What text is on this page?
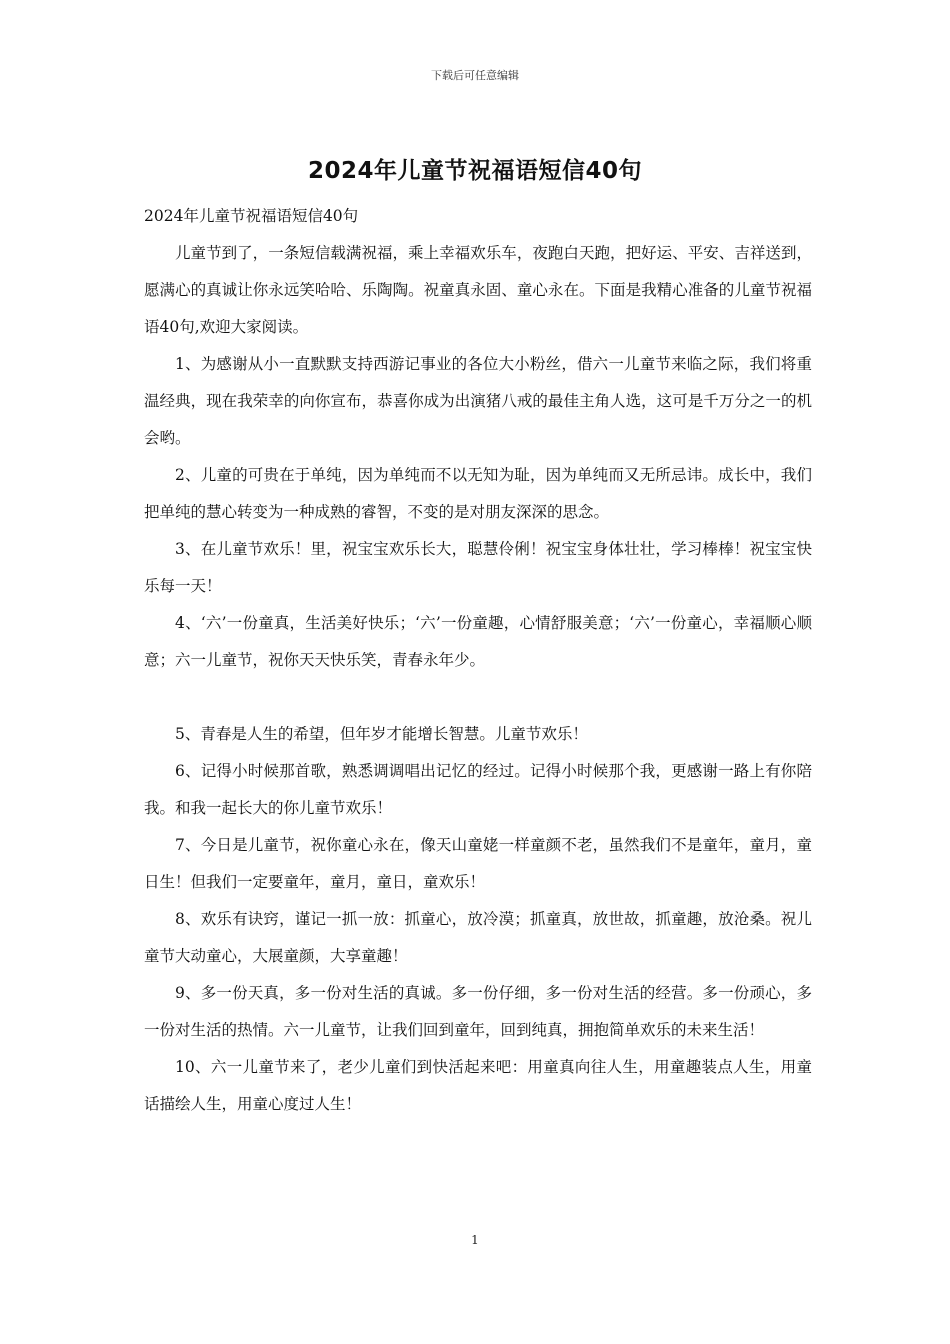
下载后可任意编辑
2024年儿童节祝福语短信40句

2024年儿童节祝福语短信40句

儿童节到了，一条短信载满祝福，乘上幸福欢乐车，夜跑白天跑，把好运、平安、吉祥送到，愿满心的真诚让你永远笑哈哈、乐陶陶。祝童真永固、童心永在。下面是我精心准备的儿童节祝福语40句,欢迎大家阅读。

1、为感谢从小一直默默支持西游记事业的各位大小粉丝，借六一儿童节来临之际，我们将重温经典，现在我荣幸的向你宣布，恭喜你成为出演猪八戒的最佳主角人选，这可是千万分之一的机会哟。

2、儿童的可贵在于单纯，因为单纯而不以无知为耻，因为单纯而又无所忌讳。成长中，我们把单纯的慧心转变为一种成熟的睿智，不变的是对朋友深深的思念。

3、在儿童节欢乐！里，祝宝宝欢乐长大，聪慧伶俐！祝宝宝身体壮壮，学习棒棒！祝宝宝快乐每一天！

4、‘六’一份童真，生活美好快乐；‘六’一份童趣，心情舒服美意；‘六’一份童心，幸福顺心顺意；六一儿童节，祝你天天快乐笑，青春永年少。

5、青春是人生的希望，但年岁才能增长智慧。儿童节欢乐！

6、记得小时候那首歌，熟悉调调唱出记忆的经过。记得小时候那个我，更感谢一路上有你陪我。和我一起长大的你儿童节欢乐！

7、今日是儿童节，祝你童心永在，像天山童姥一样童颜不老，虽然我们不是童年，童月，童日生！但我们一定要童年，童月，童日，童欢乐！

8、欢乐有诀窍，谨记一抓一放：抓童心，放冷漠；抓童真，放世故，抓童趣，放沧桑。祝儿童节大动童心，大展童颜，大享童趣！

9、多一份天真，多一份对生活的真诚。多一份仔细，多一份对生活的经营。多一份顽心，多一份对生活的热情。六一儿童节，让我们回到童年，回到纯真，拥抱简单欢乐的未来生活！

10、六一儿童节来了，老少儿童们到快活起来吧：用童真向往人生，用童趣装点人生，用童话描绘人生，用童心度过人生！

1
